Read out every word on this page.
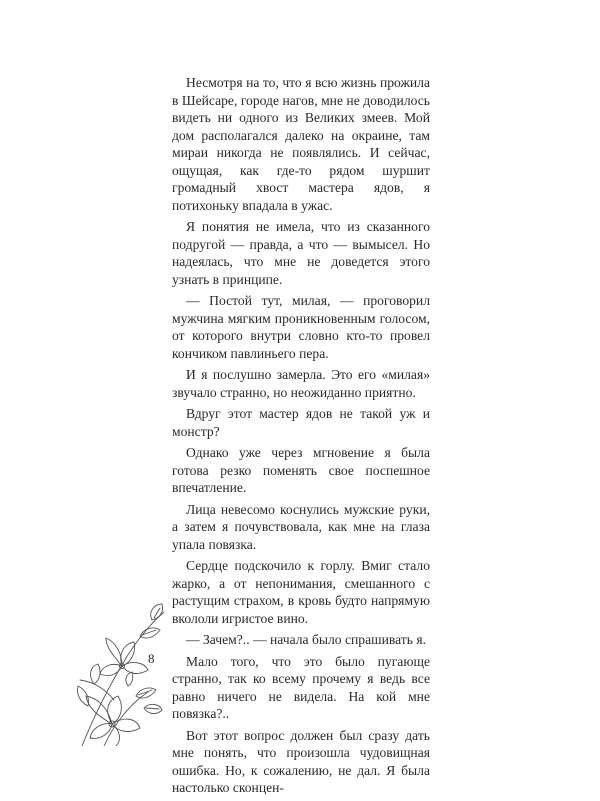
Несмотря на то, что я всю жизнь прожила в Шейсаре, городе нагов, мне не доводилось видеть ни одного из Великих змеев. Мой дом располагался далеко на окраине, там мираи никогда не появлялись. И сейчас, ощущая, как где-то рядом шуршит громадный хвост мастера ядов, я потихоньку впадала в ужас.

Я понятия не имела, что из сказанного подругой — правда, а что — вымысел. Но надеялась, что мне не доведется этого узнать в принципе.

— Постой тут, милая, — проговорил мужчина мягким проникновенным голосом, от которого внутри словно кто-то провел кончиком павлиньего пера.

И я послушно замерла. Это его «милая» звучало странно, но неожиданно приятно.

Вдруг этот мастер ядов не такой уж и монстр?

Однако уже через мгновение я была готова резко поменять свое поспешное впечатление.

Лица невесомо коснулись мужские руки, а затем я почувствовала, как мне на глаза упала повязка.

Сердце подскочило к горлу. Вмиг стало жарко, а от непонимания, смешанного с растущим страхом, в кровь будто напрямую вкололи игристое вино.

— Зачем?.. — начала было спрашивать я.

Мало того, что это было пугающе странно, так ко всему прочему я ведь все равно ничего не видела. На кой мне повязка?..

Вот этот вопрос должен был сразу дать мне понять, что произошла чудовищная ошибка. Но, к сожалению, не дал. Я была настолько сконцен-

8
